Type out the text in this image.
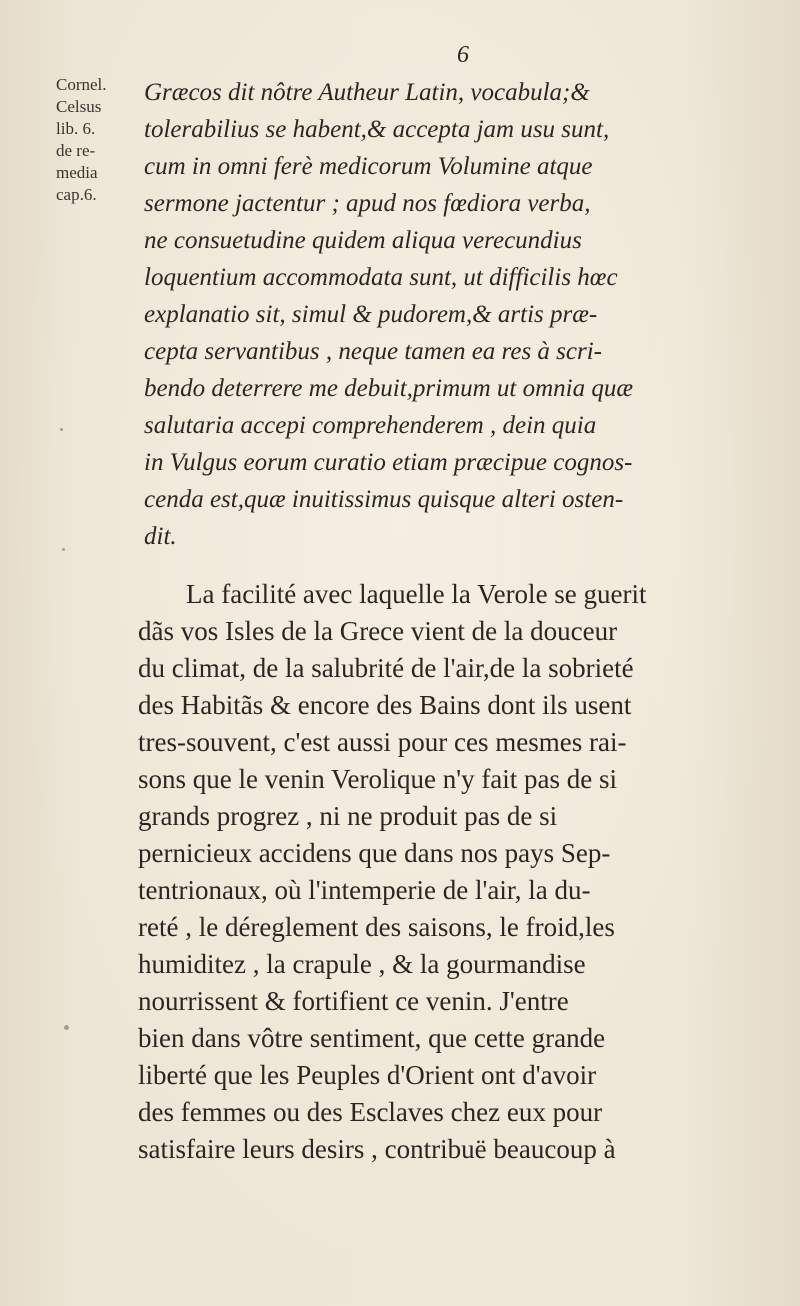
6
Cornel.
Celsus
lib. 6.
de re-
media
cap.6.
Græcos dit nôtre Autheur Latin, vocabula;&
tolerabilius se habent,& accepta jam usu sunt,
cum in omni ferè medicorum Volumine atque
sermone jactentur ; apud nos fœdiora verba,
ne consuetudine quidem aliqua verecundius
loquentium accommodata sunt, ut difficilis hœc
explanatio sit, simul & pudorem,& artis præ-
cepta servantibus , neque tamen ea res à scri-
bendo deterrere me debuit,primum ut omnia quæ
salutaria accepi comprehenderem , dein quia
in Vulgus eorum curatio etiam præcipue cognos-
cenda est,quæ inuitissimus quisque alteri osten-
dit.
La facilité avec laquelle la Verole se guerit
dãs vos Isles de la Grece vient de la douceur
du climat, de la salubrité de l'air,de la sobrieté
des Habitãs & encore des Bains dont ils usent
tres-souvent, c'est aussi pour ces mesmes rai-
sons que le venin Verolique n'y fait pas de si
grands progrez , ni ne produit pas de si
pernicieux accidens que dans nos pays Sep-
tentrionaux, où l'intemperie de l'air, la du-
reté , le déreglement des saisons, le froid,les
humiditez , la crapule , & la gourmandise
nourrissent & fortifient ce venin. J'entre
bien dans vôtre sentiment, que cette grande
liberté que les Peuples d'Orient ont d'avoir
des femmes ou des Esclaves chez eux pour
satisfaire leurs desirs , contribuë beaucoup à
